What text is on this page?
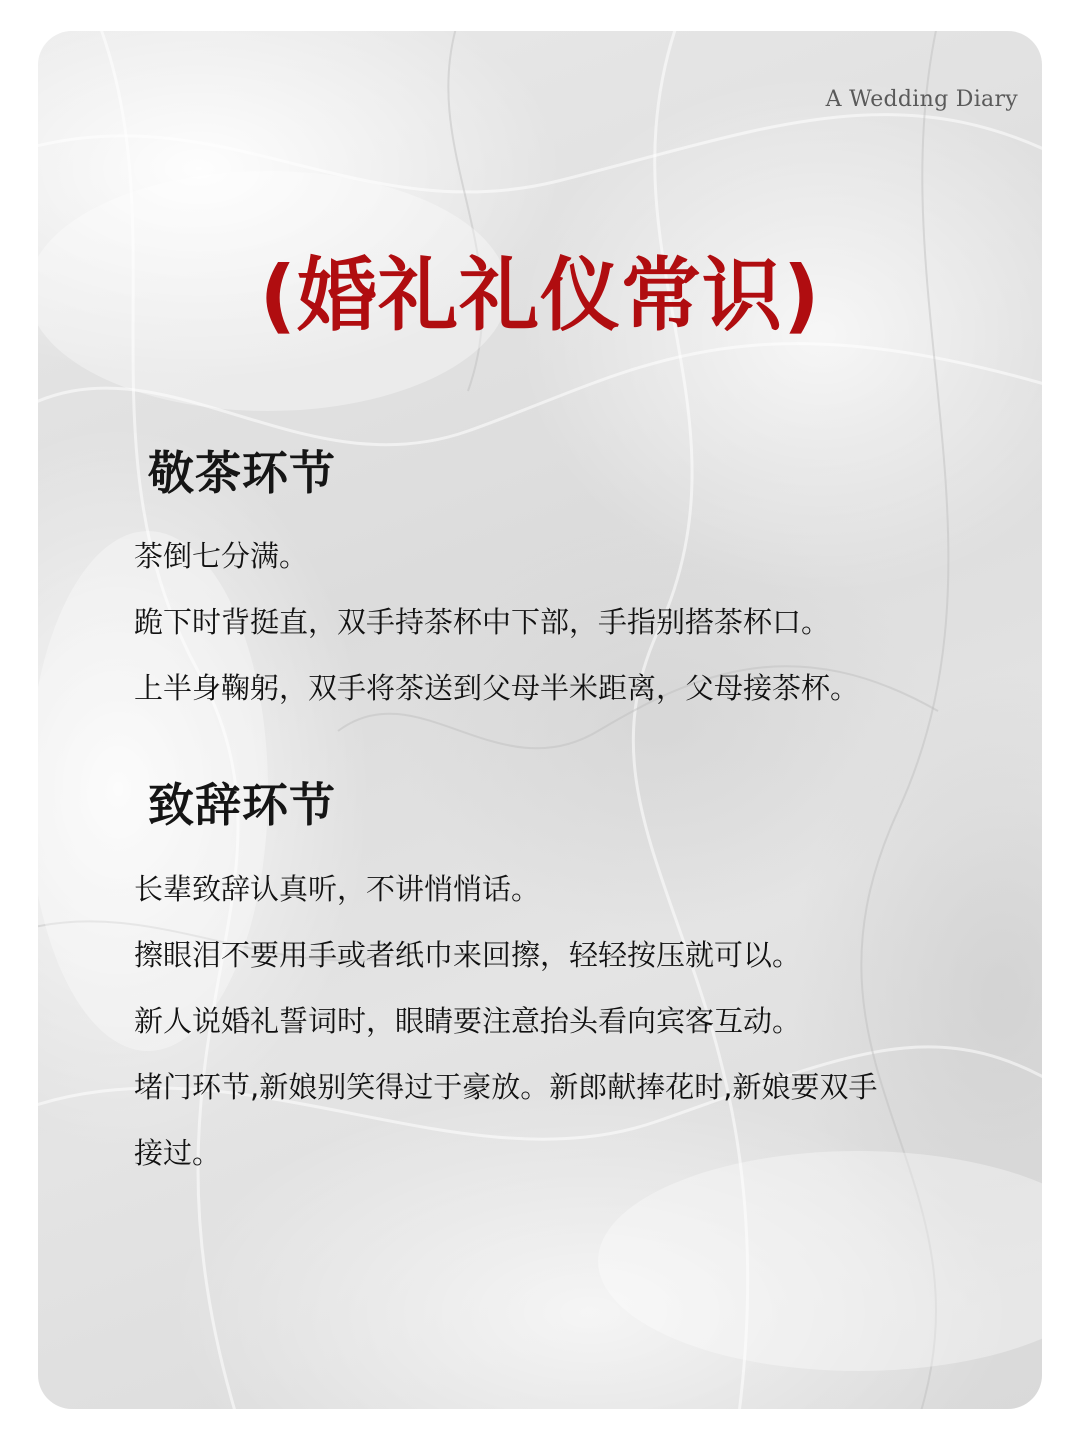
A Wedding Diary
(婚礼礼仪常识)
敬茶环节
茶倒七分满。
跪下时背挺直，双手持茶杯中下部，手指别搭茶杯口。
上半身鞠躬，双手将茶送到父母半米距离，父母接茶杯。
致辞环节
长辈致辞认真听，不讲悄悄话。
擦眼泪不要用手或者纸巾来回擦，轻轻按压就可以。
新人说婚礼誓词时，眼睛要注意抬头看向宾客互动。
堵门环节,新娘别笑得过于豪放。新郎献捧花时,新娘要双手
接过。
